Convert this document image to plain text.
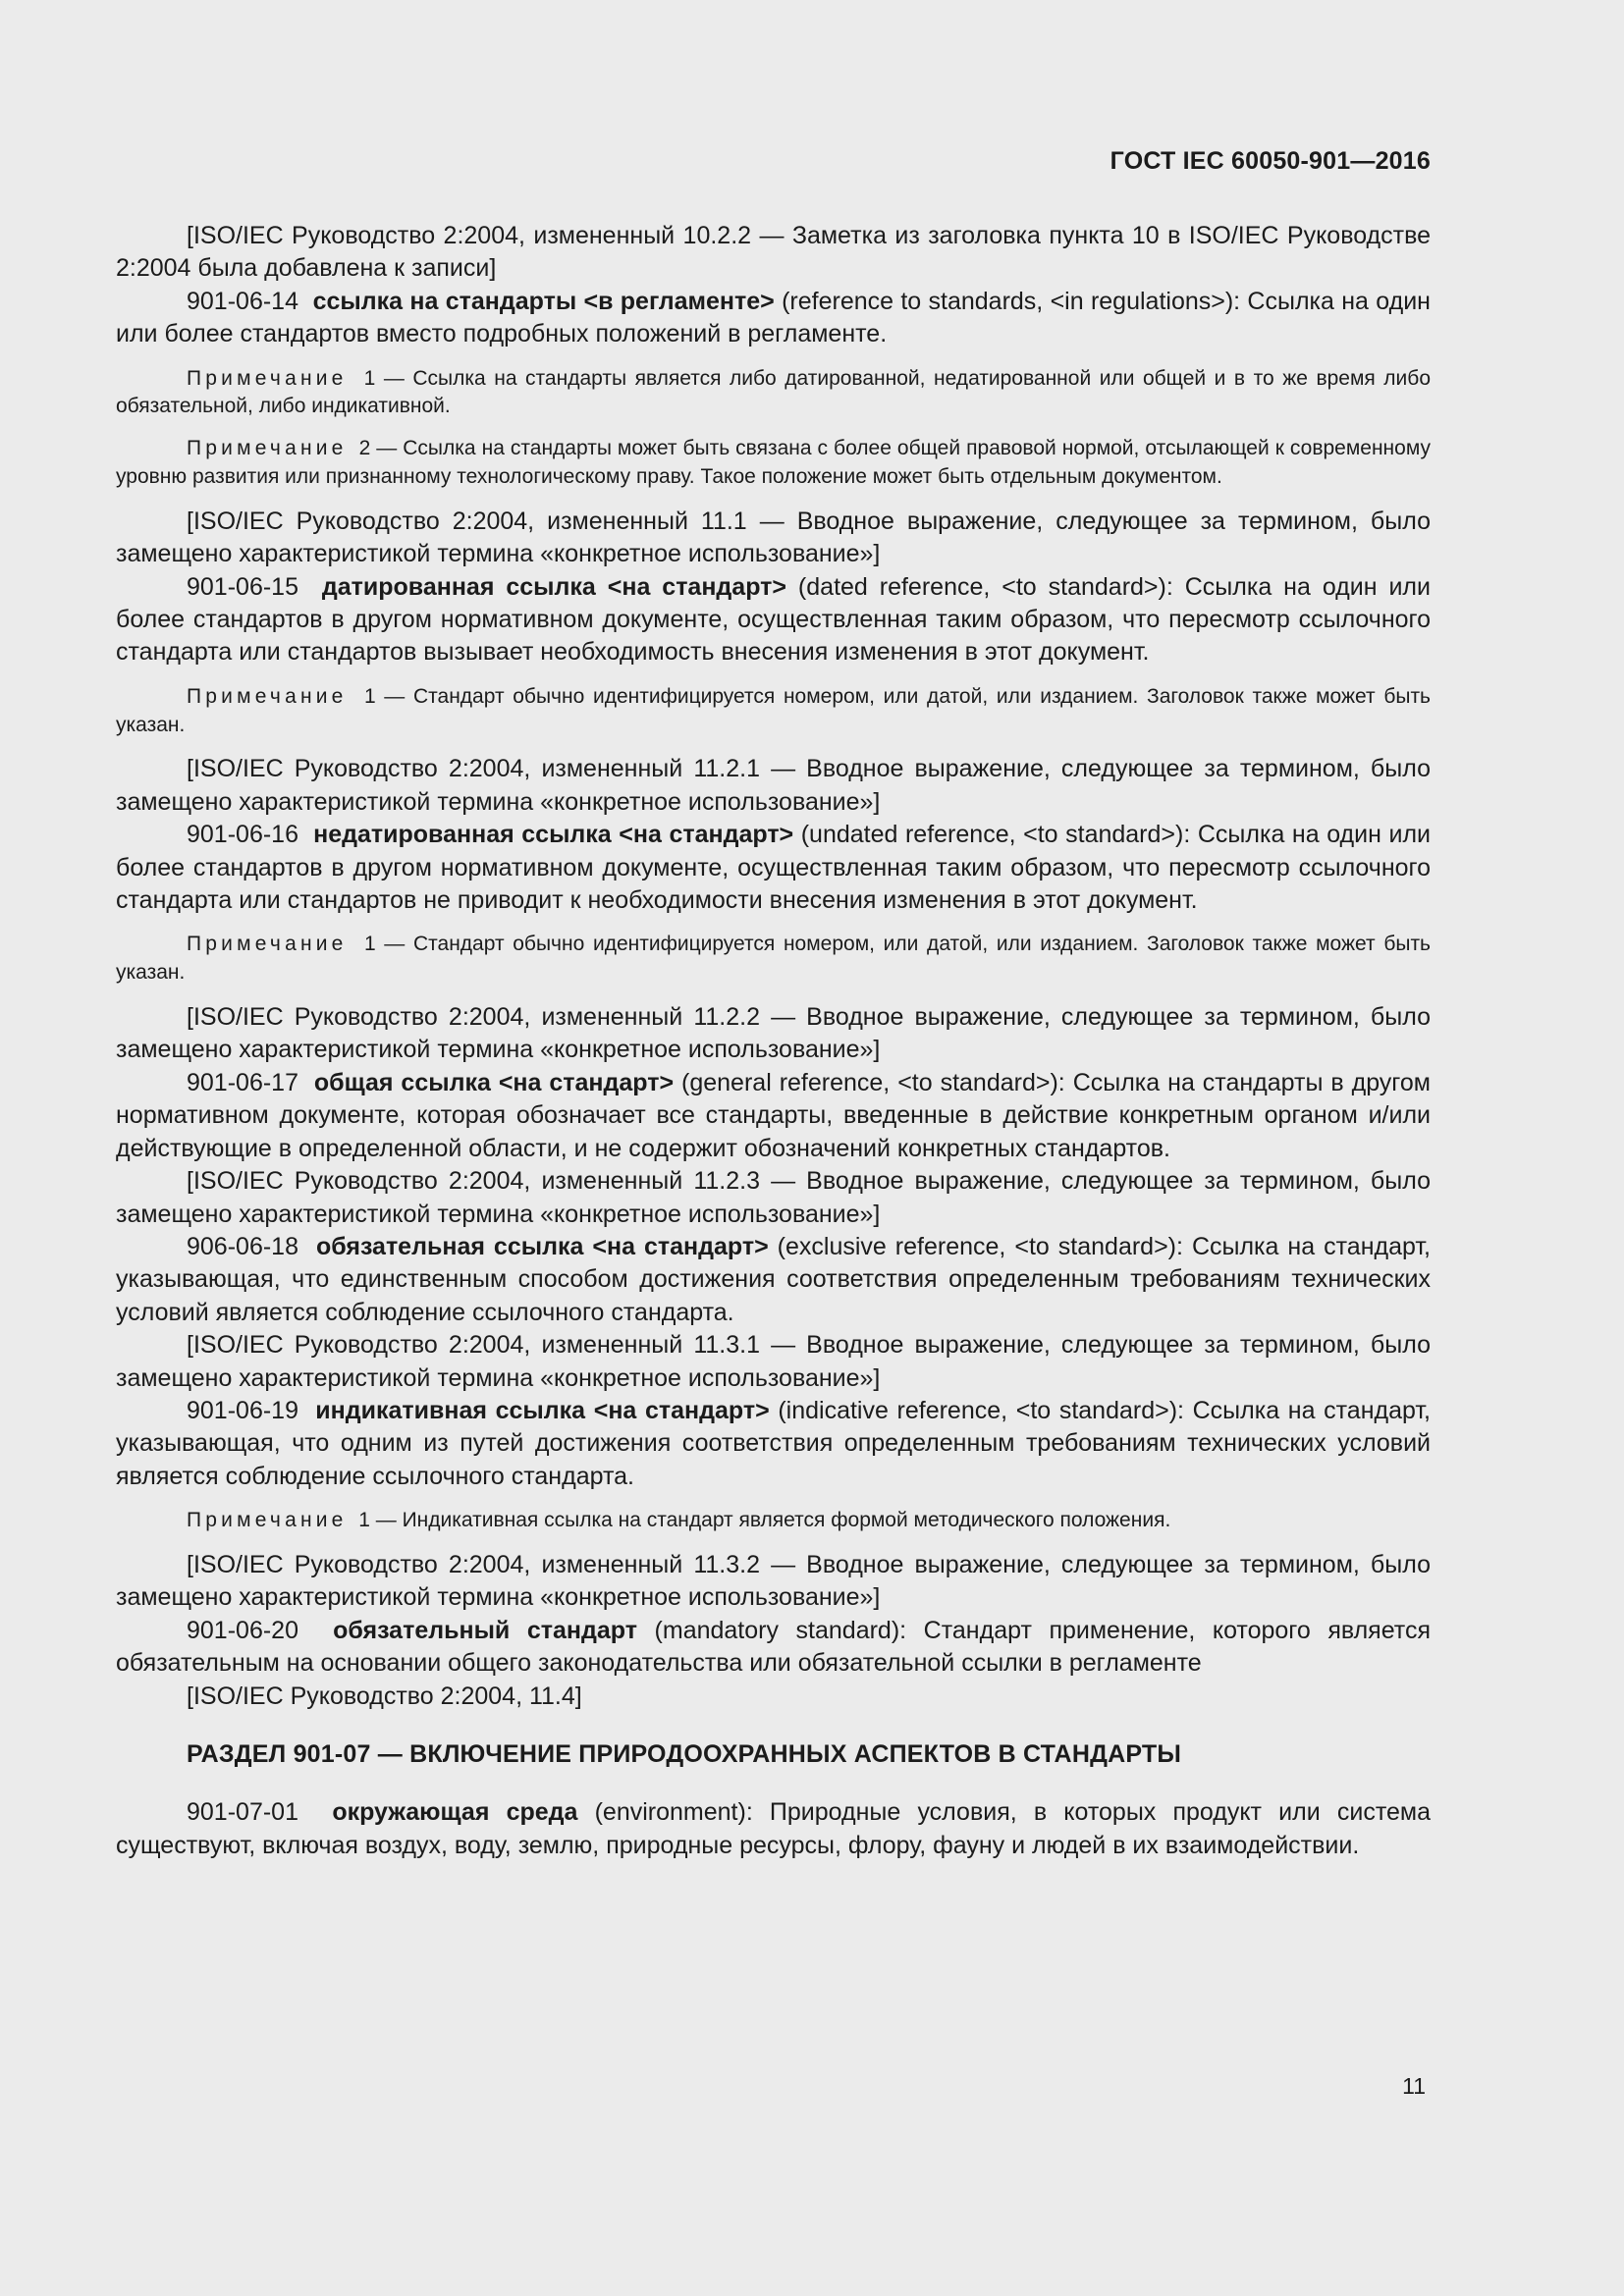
ГОСТ IEC 60050-901—2016

[ISO/IEC Руководство 2:2004, измененный 10.2.2 — Заметка из заголовка пункта 10 в ISO/IEC Руководстве 2:2004 была добавлена к записи]

901-06-14 ссылка на стандарты <в регламенте> (reference to standards, <in regulations>): Ссылка на один или более стандартов вместо подробных положений в регламенте.

Примечание 1 — Ссылка на стандарты является либо датированной, недатированной или общей и в то же время либо обязательной, либо индикативной.

Примечание 2 — Ссылка на стандарты может быть связана с более общей правовой нормой, отсылающей к современному уровню развития или признанному технологическому праву. Такое положение может быть отдельным документом.

[ISO/IEC Руководство 2:2004, измененный 11.1 — Вводное выражение, следующее за термином, было замещено характеристикой термина «конкретное использование»]

901-06-15 датированная ссылка <на стандарт> (dated reference, <to standard>): Ссылка на один или более стандартов в другом нормативном документе, осуществленная таким образом, что пересмотр ссылочного стандарта или стандартов вызывает необходимость внесения изменения в этот документ.

Примечание 1 — Стандарт обычно идентифицируется номером, или датой, или изданием. Заголовок также может быть указан.

[ISO/IEC Руководство 2:2004, измененный 11.2.1 — Вводное выражение, следующее за термином, было замещено характеристикой термина «конкретное использование»]

901-06-16 недатированная ссылка <на стандарт> (undated reference, <to standard>): Ссылка на один или более стандартов в другом нормативном документе, осуществленная таким образом, что пересмотр ссылочного стандарта или стандартов не приводит к необходимости внесения изменения в этот документ.

Примечание 1 — Стандарт обычно идентифицируется номером, или датой, или изданием. Заголовок также может быть указан.

[ISO/IEC Руководство 2:2004, измененный 11.2.2 — Вводное выражение, следующее за термином, было замещено характеристикой термина «конкретное использование»]

901-06-17 общая ссылка <на стандарт> (general reference, <to standard>): Ссылка на стандарты в другом нормативном документе, которая обозначает все стандарты, введенные в действие конкретным органом и/или действующие в определенной области, и не содержит обозначений конкретных стандартов.

[ISO/IEC Руководство 2:2004, измененный 11.2.3 — Вводное выражение, следующее за термином, было замещено характеристикой термина «конкретное использование»]

906-06-18 обязательная ссылка <на стандарт> (exclusive reference, <to standard>): Ссылка на стандарт, указывающая, что единственным способом достижения соответствия определенным требованиям технических условий является соблюдение ссылочного стандарта.

[ISO/IEC Руководство 2:2004, измененный 11.3.1 — Вводное выражение, следующее за термином, было замещено характеристикой термина «конкретное использование»]

901-06-19 индикативная ссылка <на стандарт> (indicative reference, <to standard>): Ссылка на стандарт, указывающая, что одним из путей достижения соответствия определенным требованиям технических условий является соблюдение ссылочного стандарта.

Примечание 1 — Индикативная ссылка на стандарт является формой методического положения.

[ISO/IEC Руководство 2:2004, измененный 11.3.2 — Вводное выражение, следующее за термином, было замещено характеристикой термина «конкретное использование»]

901-06-20 обязательный стандарт (mandatory standard): Стандарт применение, которого является обязательным на основании общего законодательства или обязательной ссылки в регламенте

[ISO/IEC Руководство 2:2004, 11.4]

РАЗДЕЛ 901-07 — ВКЛЮЧЕНИЕ ПРИРОДООХРАННЫХ АСПЕКТОВ В СТАНДАРТЫ

901-07-01 окружающая среда (environment): Природные условия, в которых продукт или система существуют, включая воздух, воду, землю, природные ресурсы, флору, фауну и людей в их взаимодействии.

11
